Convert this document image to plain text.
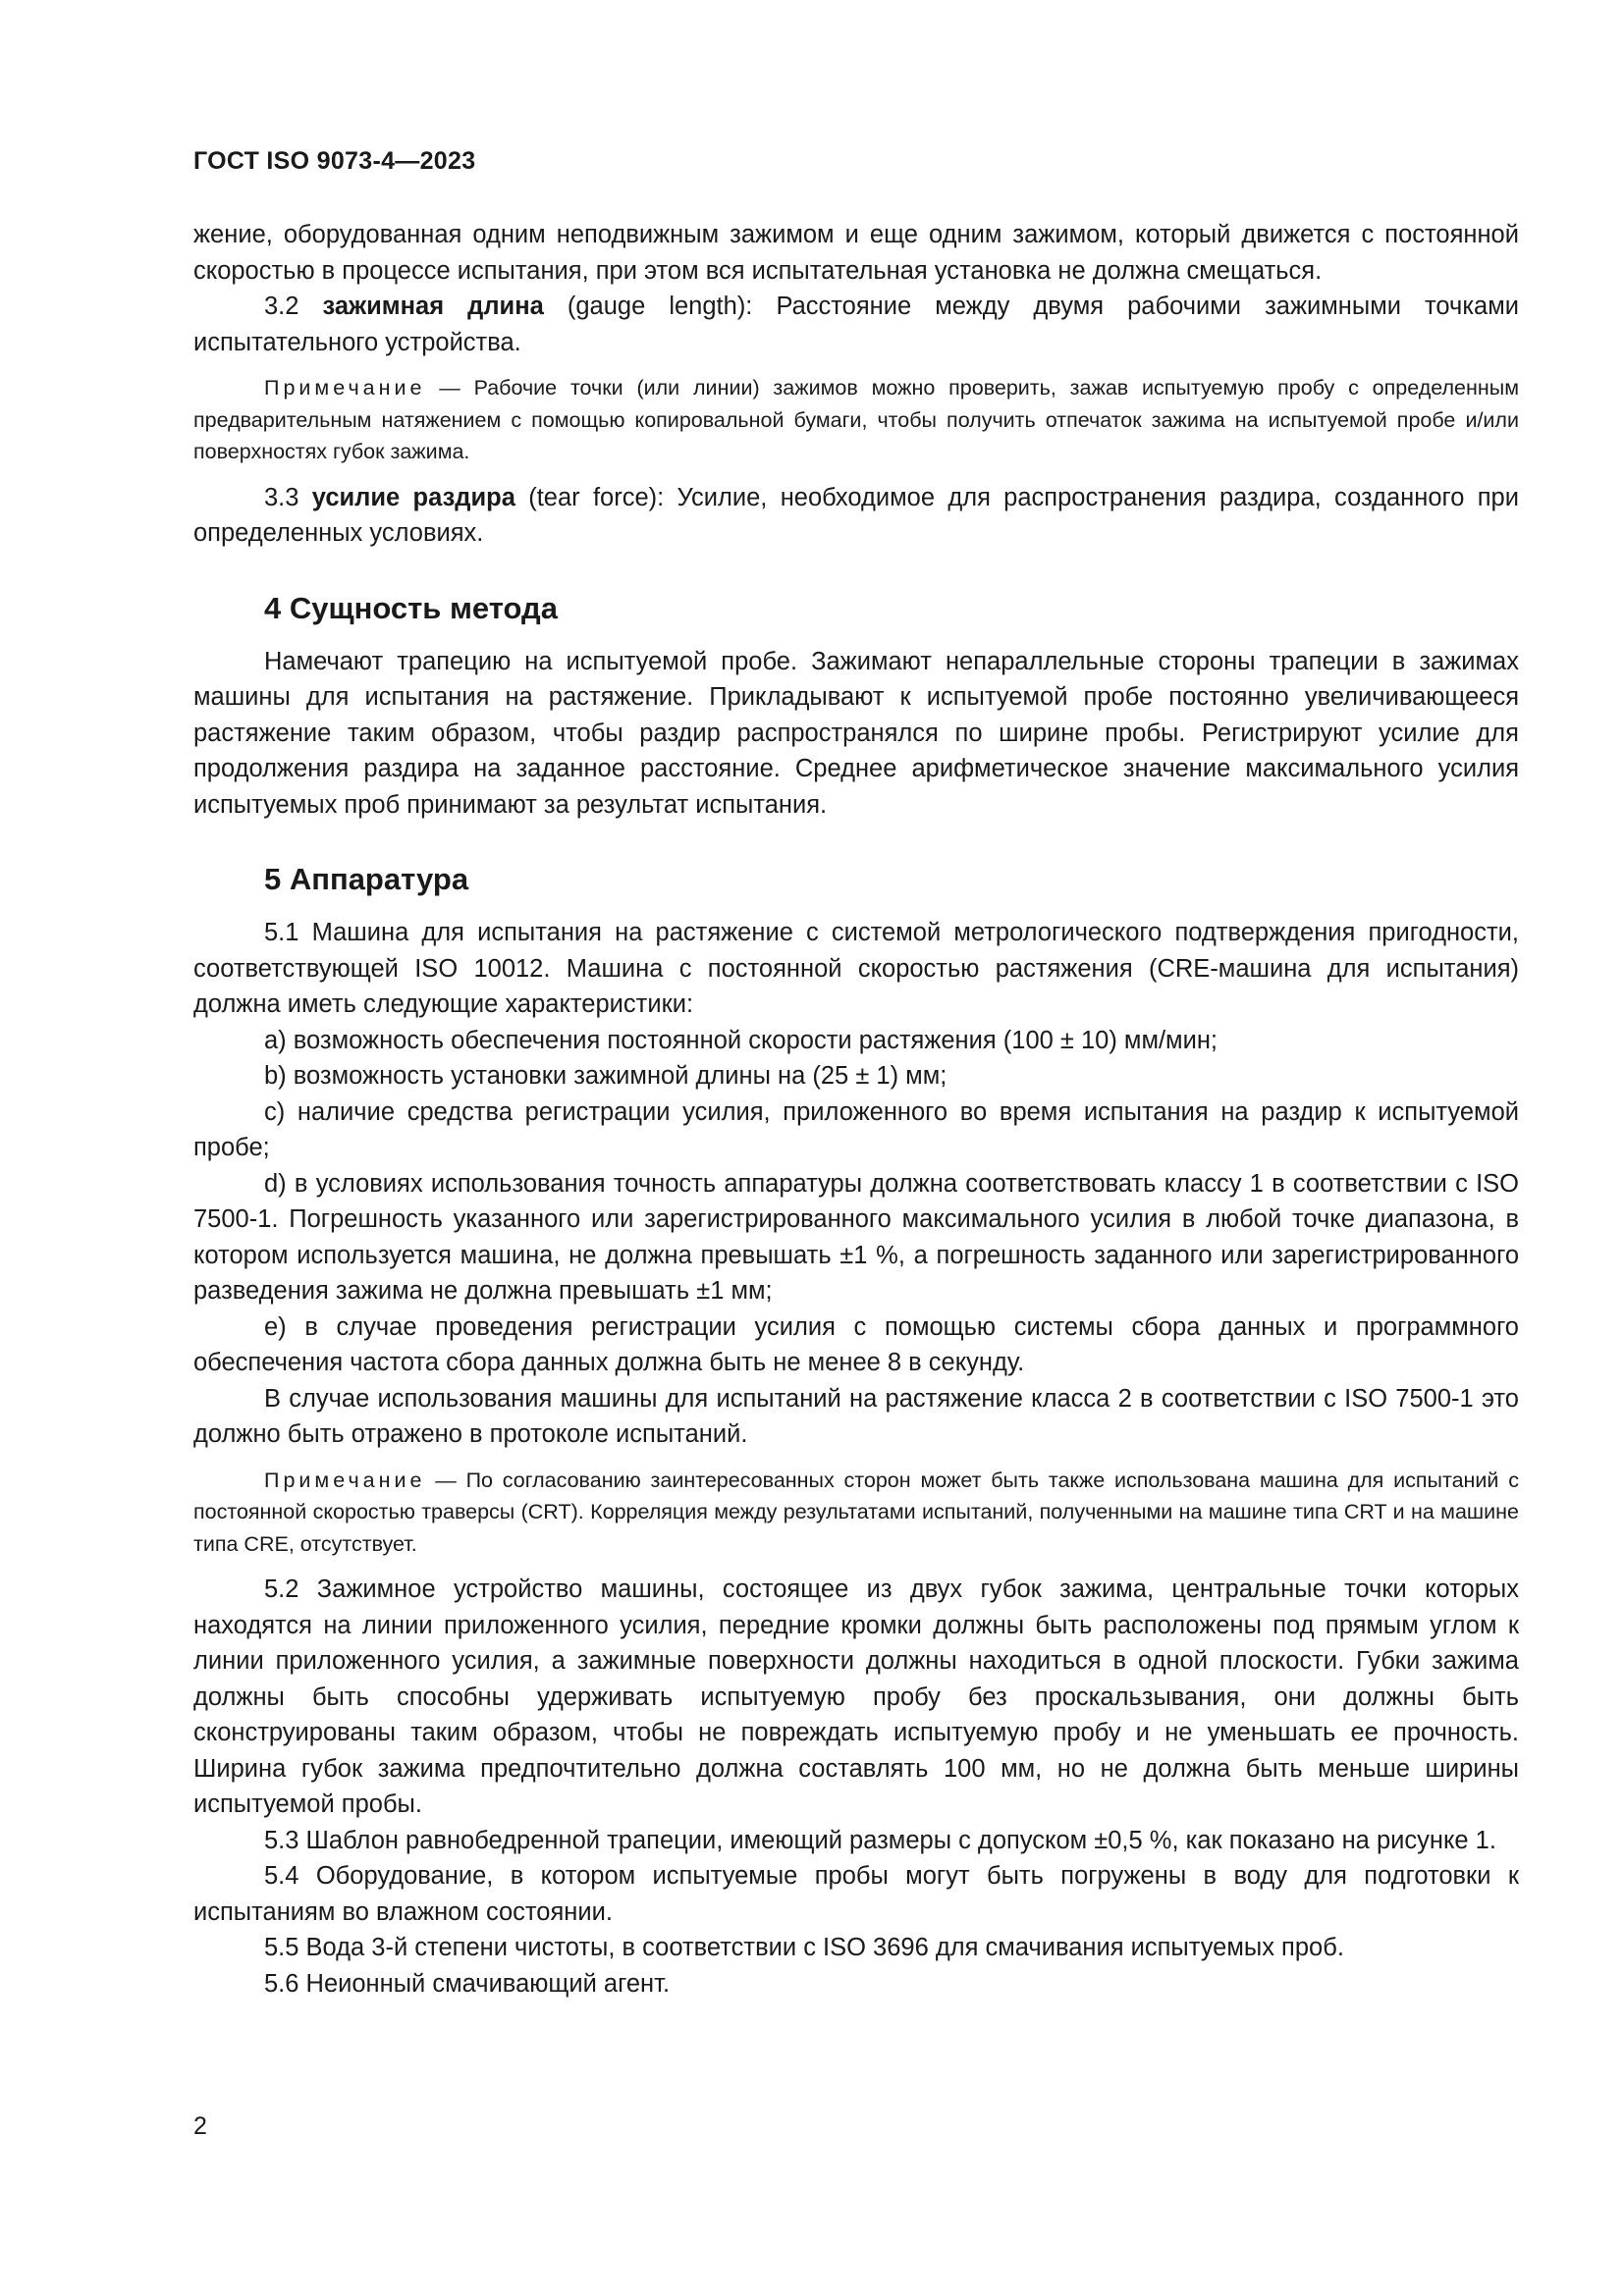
ГОСТ ISO 9073-4—2023

жение, оборудованная одним неподвижным зажимом и еще одним зажимом, который движется с постоянной скоростью в процессе испытания, при этом вся испытательная установка не должна смещаться.

3.2 зажимная длина (gauge length): Расстояние между двумя рабочими зажимными точками испытательного устройства.

Примечание — Рабочие точки (или линии) зажимов можно проверить, зажав испытуемую пробу с определенным предварительным натяжением с помощью копировальной бумаги, чтобы получить отпечаток зажима на испытуемой пробе и/или поверхностях губок зажима.

3.3 усилие раздира (tear force): Усилие, необходимое для распространения раздира, созданного при определенных условиях.

4 Сущность метода

Намечают трапецию на испытуемой пробе. Зажимают непараллельные стороны трапеции в зажимах машины для испытания на растяжение. Прикладывают к испытуемой пробе постоянно увеличивающееся растяжение таким образом, чтобы раздир распространялся по ширине пробы. Регистрируют усилие для продолжения раздира на заданное расстояние. Среднее арифметическое значение максимального усилия испытуемых проб принимают за результат испытания.

5 Аппаратура

5.1 Машина для испытания на растяжение с системой метрологического подтверждения пригодности, соответствующей ISO 10012. Машина с постоянной скоростью растяжения (CRE-машина для испытания) должна иметь следующие характеристики:

a) возможность обеспечения постоянной скорости растяжения (100 ± 10) мм/мин;

b) возможность установки зажимной длины на (25 ± 1) мм;

c) наличие средства регистрации усилия, приложенного во время испытания на раздир к испытуемой пробе;

d) в условиях использования точность аппаратуры должна соответствовать классу 1 в соответствии с ISO 7500-1. Погрешность указанного или зарегистрированного максимального усилия в любой точке диапазона, в котором используется машина, не должна превышать ±1 %, а погрешность заданного или зарегистрированного разведения зажима не должна превышать ±1 мм;

e) в случае проведения регистрации усилия с помощью системы сбора данных и программного обеспечения частота сбора данных должна быть не менее 8 в секунду.

В случае использования машины для испытаний на растяжение класса 2 в соответствии с ISO 7500-1 это должно быть отражено в протоколе испытаний.

Примечание — По согласованию заинтересованных сторон может быть также использована машина для испытаний с постоянной скоростью траверсы (CRT). Корреляция между результатами испытаний, полученными на машине типа CRT и на машине типа CRE, отсутствует.

5.2 Зажимное устройство машины, состоящее из двух губок зажима, центральные точки которых находятся на линии приложенного усилия, передние кромки должны быть расположены под прямым углом к линии приложенного усилия, а зажимные поверхности должны находиться в одной плоскости. Губки зажима должны быть способны удерживать испытуемую пробу без проскальзывания, они должны быть сконструированы таким образом, чтобы не повреждать испытуемую пробу и не уменьшать ее прочность. Ширина губок зажима предпочтительно должна составлять 100 мм, но не должна быть меньше ширины испытуемой пробы.

5.3 Шаблон равнобедренной трапеции, имеющий размеры с допуском ±0,5 %, как показано на рисунке 1.

5.4 Оборудование, в котором испытуемые пробы могут быть погружены в воду для подготовки к испытаниям во влажном состоянии.

5.5 Вода 3-й степени чистоты, в соответствии с ISO 3696 для смачивания испытуемых проб.

5.6 Неионный смачивающий агент.

2
